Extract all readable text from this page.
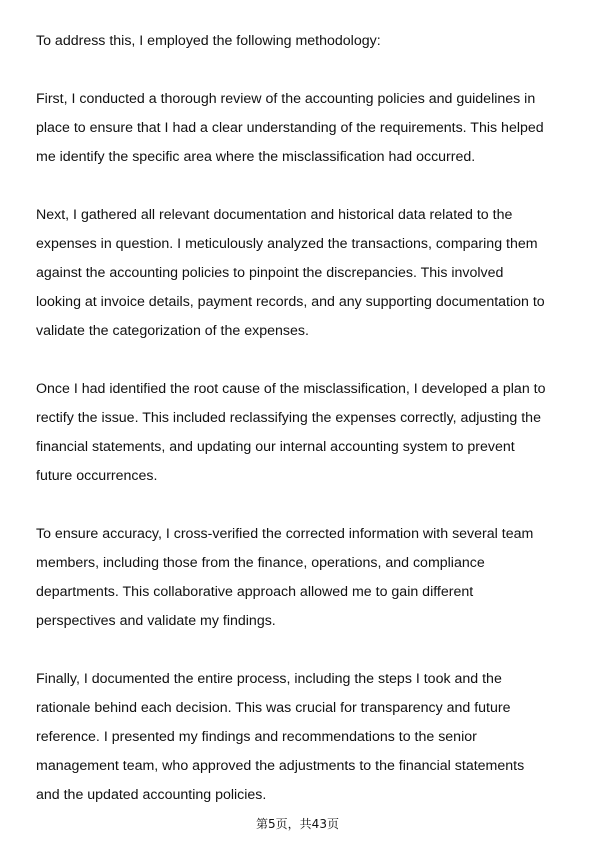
To address this, I employed the following methodology:
First, I conducted a thorough review of the accounting policies and guidelines in
place to ensure that I had a clear understanding of the requirements. This helped
me identify the specific area where the misclassification had occurred.
Next, I gathered all relevant documentation and historical data related to the
expenses in question. I meticulously analyzed the transactions, comparing them
against the accounting policies to pinpoint the discrepancies. This involved
looking at invoice details, payment records, and any supporting documentation to
validate the categorization of the expenses.
Once I had identified the root cause of the misclassification, I developed a plan to
rectify the issue. This included reclassifying the expenses correctly, adjusting the
financial statements, and updating our internal accounting system to prevent
future occurrences.
To ensure accuracy, I cross-verified the corrected information with several team
members, including those from the finance, operations, and compliance
departments. This collaborative approach allowed me to gain different
perspectives and validate my findings.
Finally, I documented the entire process, including the steps I took and the
rationale behind each decision. This was crucial for transparency and future
reference. I presented my findings and recommendations to the senior
management team, who approved the adjustments to the financial statements
and the updated accounting policies.
第5页，共43页
